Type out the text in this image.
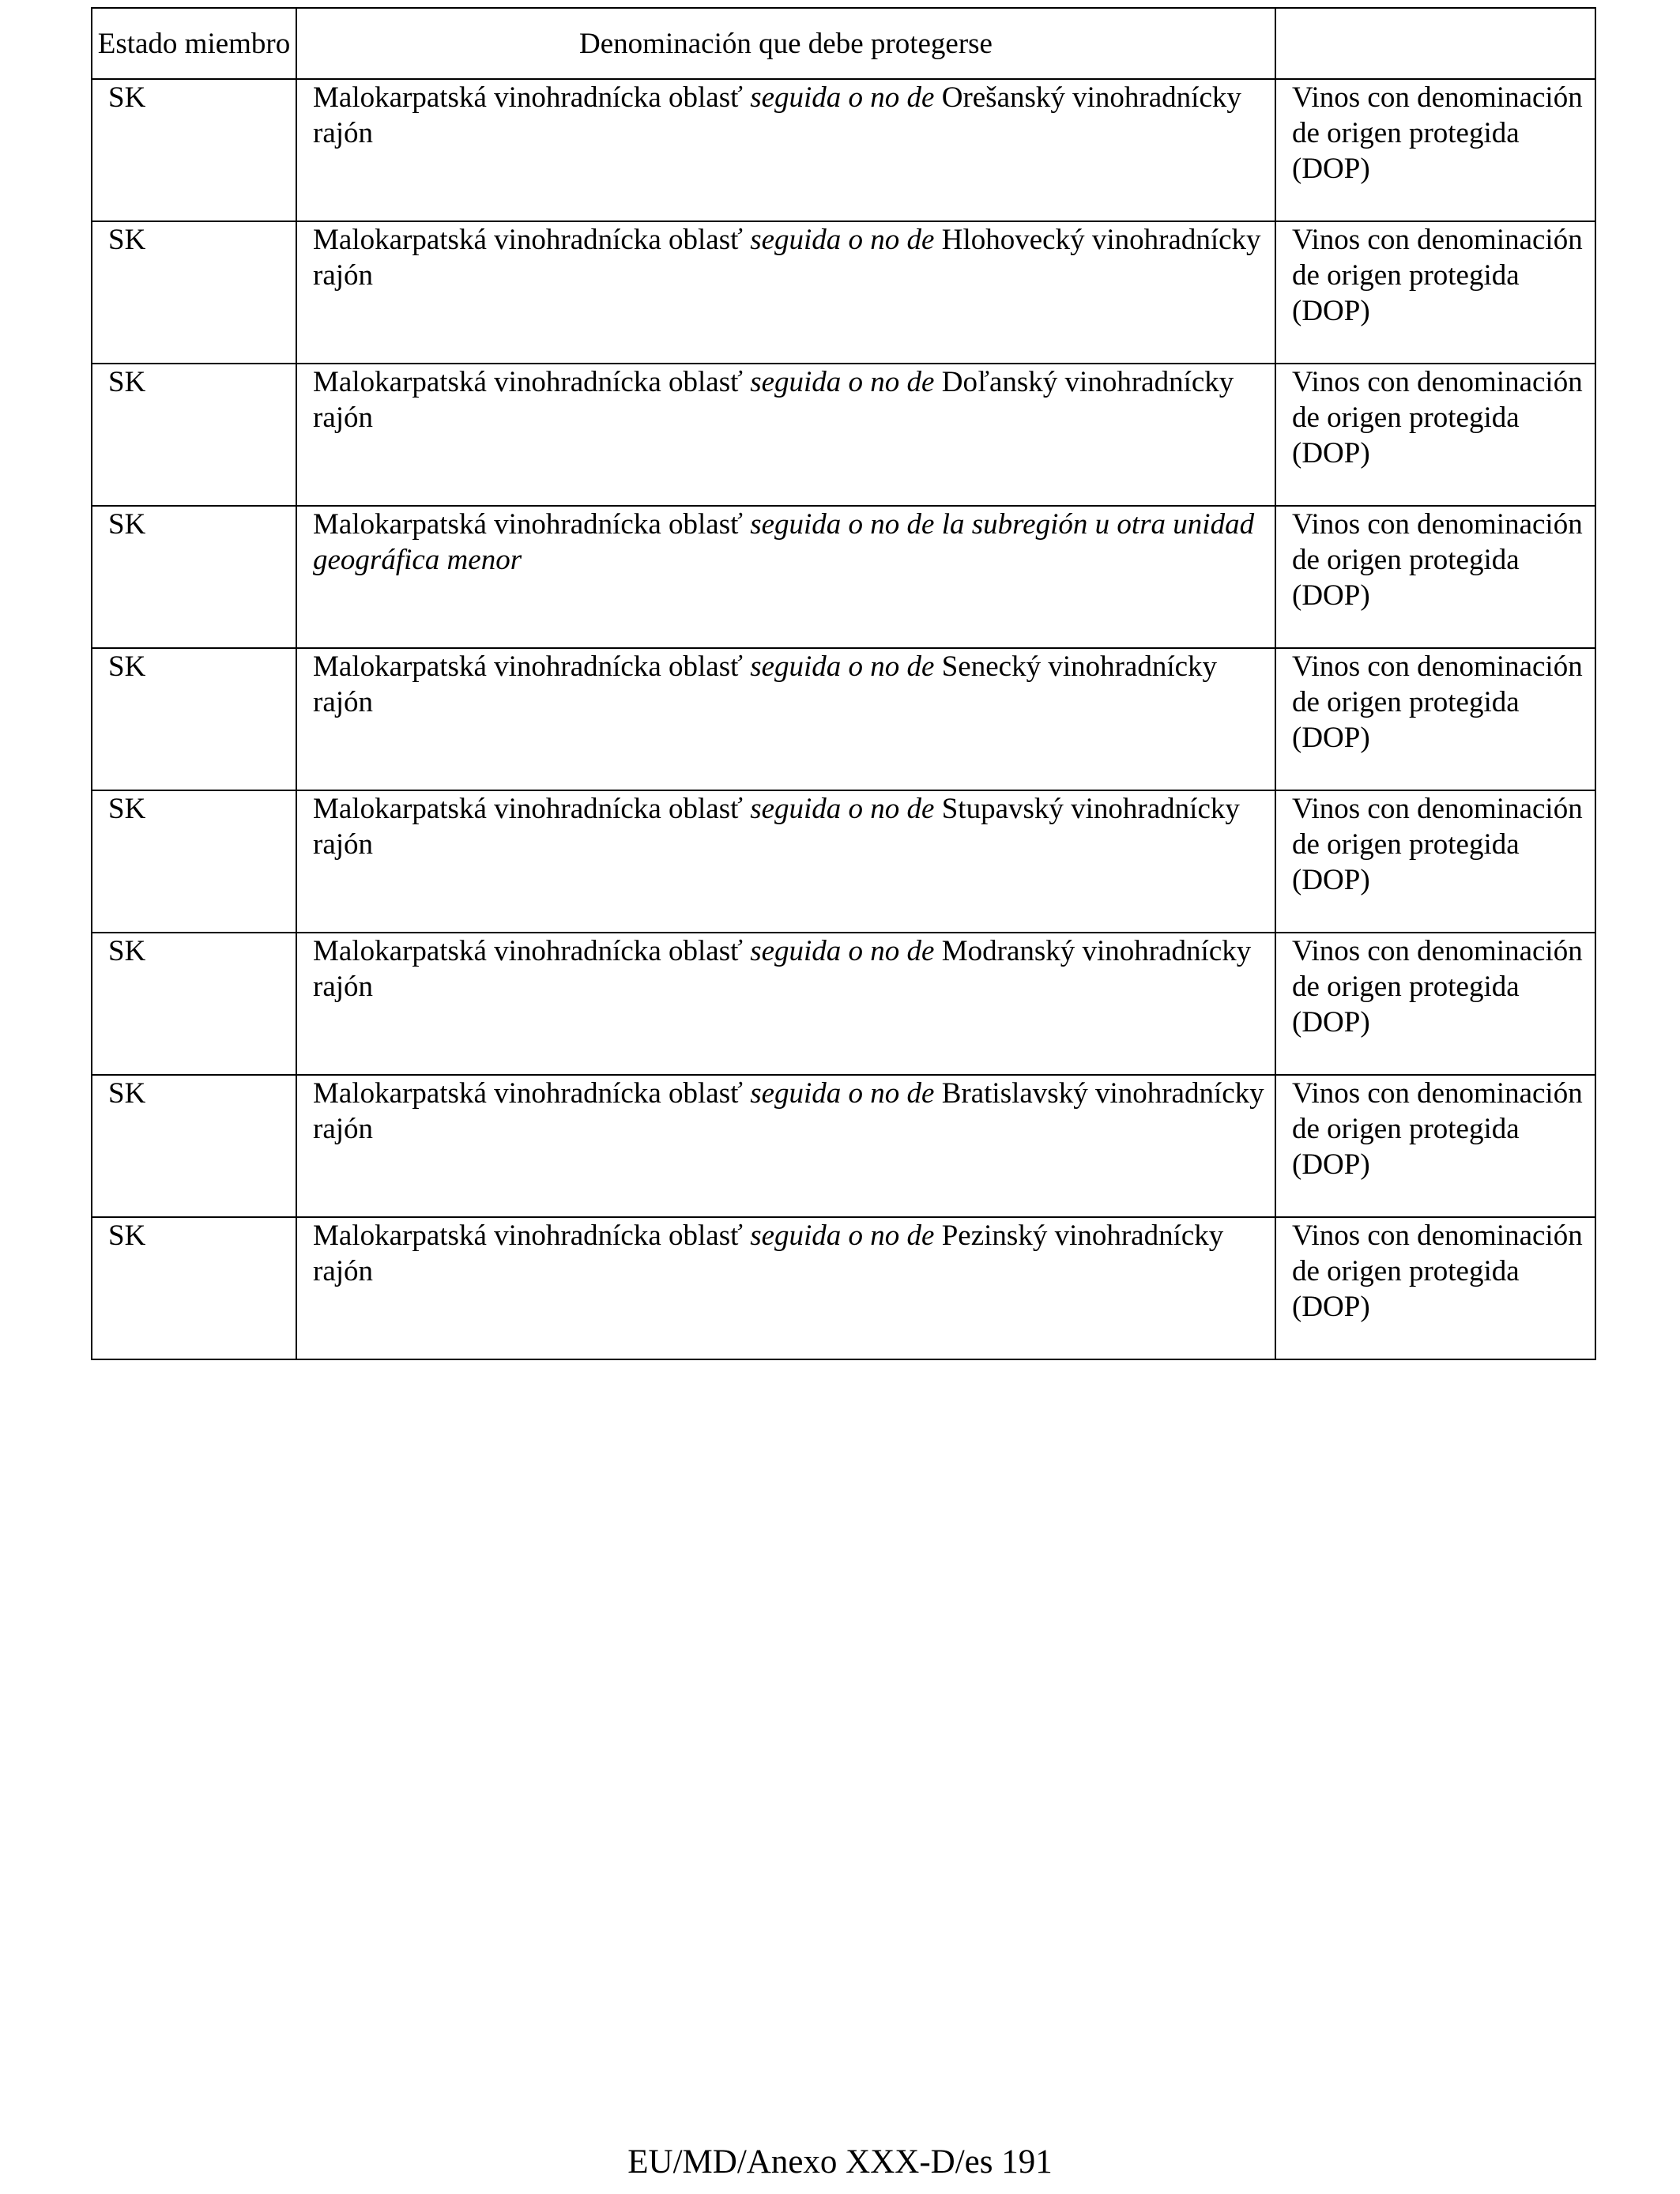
Estado miembro	Denominación que debe protegerse	
SK	Malokarpatská vinohradnícka oblasť seguida o no de Orešanský vinohradnícky rajón	Vinos con denominación de origen protegida (DOP)
SK	Malokarpatská vinohradnícka oblasť seguida o no de Hlohovecký vinohradnícky rajón	Vinos con denominación de origen protegida (DOP)
SK	Malokarpatská vinohradnícka oblasť seguida o no de Doľanský vinohradnícky rajón	Vinos con denominación de origen protegida (DOP)
SK	Malokarpatská vinohradnícka oblasť seguida o no de la subregión u otra unidad geográfica menor	Vinos con denominación de origen protegida (DOP)
SK	Malokarpatská vinohradnícka oblasť seguida o no de Senecký vinohradnícky rajón	Vinos con denominación de origen protegida (DOP)
SK	Malokarpatská vinohradnícka oblasť seguida o no de Stupavský vinohradnícky rajón	Vinos con denominación de origen protegida (DOP)
SK	Malokarpatská vinohradnícka oblasť seguida o no de Modranský vinohradnícky rajón	Vinos con denominación de origen protegida (DOP)
SK	Malokarpatská vinohradnícka oblasť seguida o no de Bratislavský vinohradnícky rajón	Vinos con denominación de origen protegida (DOP)
SK	Malokarpatská vinohradnícka oblasť seguida o no de Pezinský vinohradnícky rajón	Vinos con denominación de origen protegida (DOP)
EU/MD/Anexo XXX-D/es 191
